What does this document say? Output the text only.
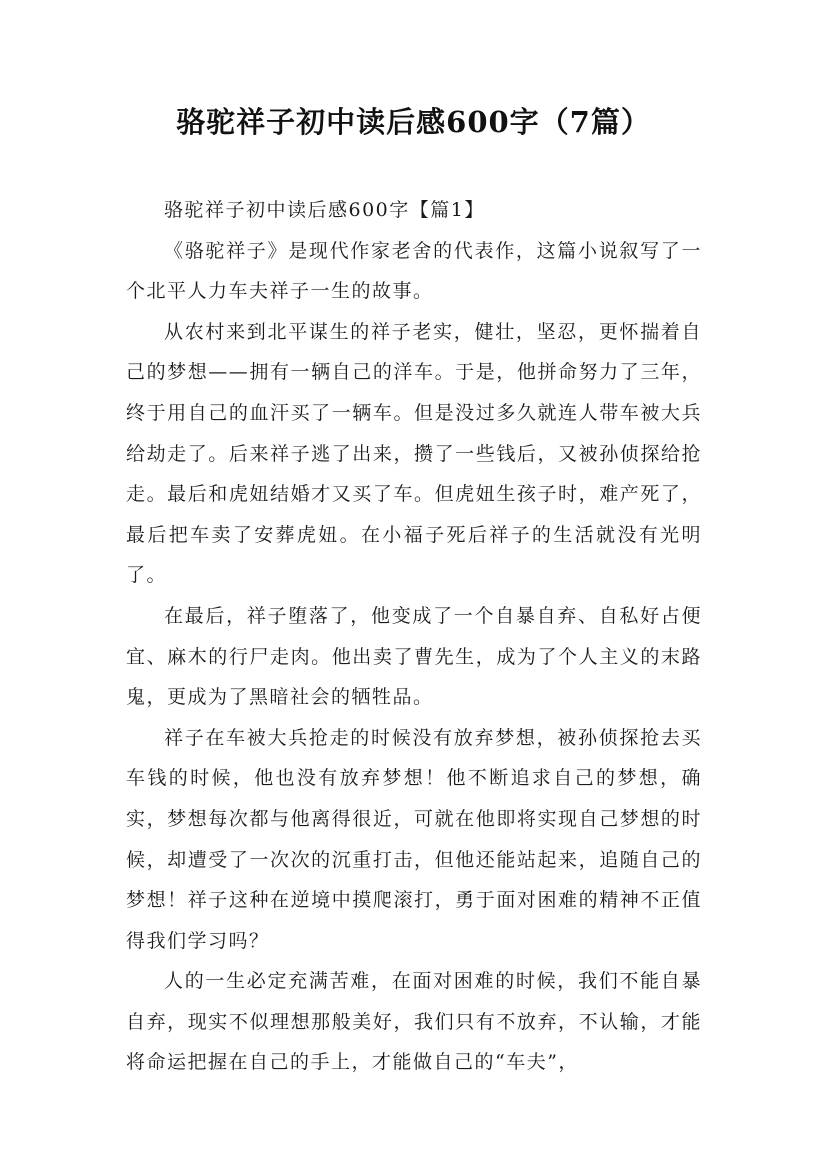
骆驼祥子初中读后感600字（7篇）

骆驼祥子初中读后感600字【篇1】

《骆驼祥子》是现代作家老舍的代表作，这篇小说叙写了一个北平人力车夫祥子一生的故事。

从农村来到北平谋生的祥子老实，健壮，坚忍，更怀揣着自己的梦想——拥有一辆自己的洋车。于是，他拼命努力了三年，终于用自己的血汗买了一辆车。但是没过多久就连人带车被大兵给劫走了。后来祥子逃了出来，攒了一些钱后，又被孙侦探给抢走。最后和虎妞结婚才又买了车。但虎妞生孩子时，难产死了，最后把车卖了安葬虎妞。在小福子死后祥子的生活就没有光明了。

在最后，祥子堕落了，他变成了一个自暴自弃、自私好占便宜、麻木的行尸走肉。他出卖了曹先生，成为了个人主义的末路鬼，更成为了黑暗社会的牺牲品。

祥子在车被大兵抢走的时候没有放弃梦想，被孙侦探抢去买车钱的时候，他也没有放弃梦想！他不断追求自己的梦想，确实，梦想每次都与他离得很近，可就在他即将实现自己梦想的时候，却遭受了一次次的沉重打击，但他还能站起来，追随自己的梦想！祥子这种在逆境中摸爬滚打，勇于面对困难的精神不正值得我们学习吗？

人的一生必定充满苦难，在面对困难的时候，我们不能自暴自弃，现实不似理想那般美好，我们只有不放弃，不认输，才能将命运把握在自己的手上，才能做自己的“车夫”，
